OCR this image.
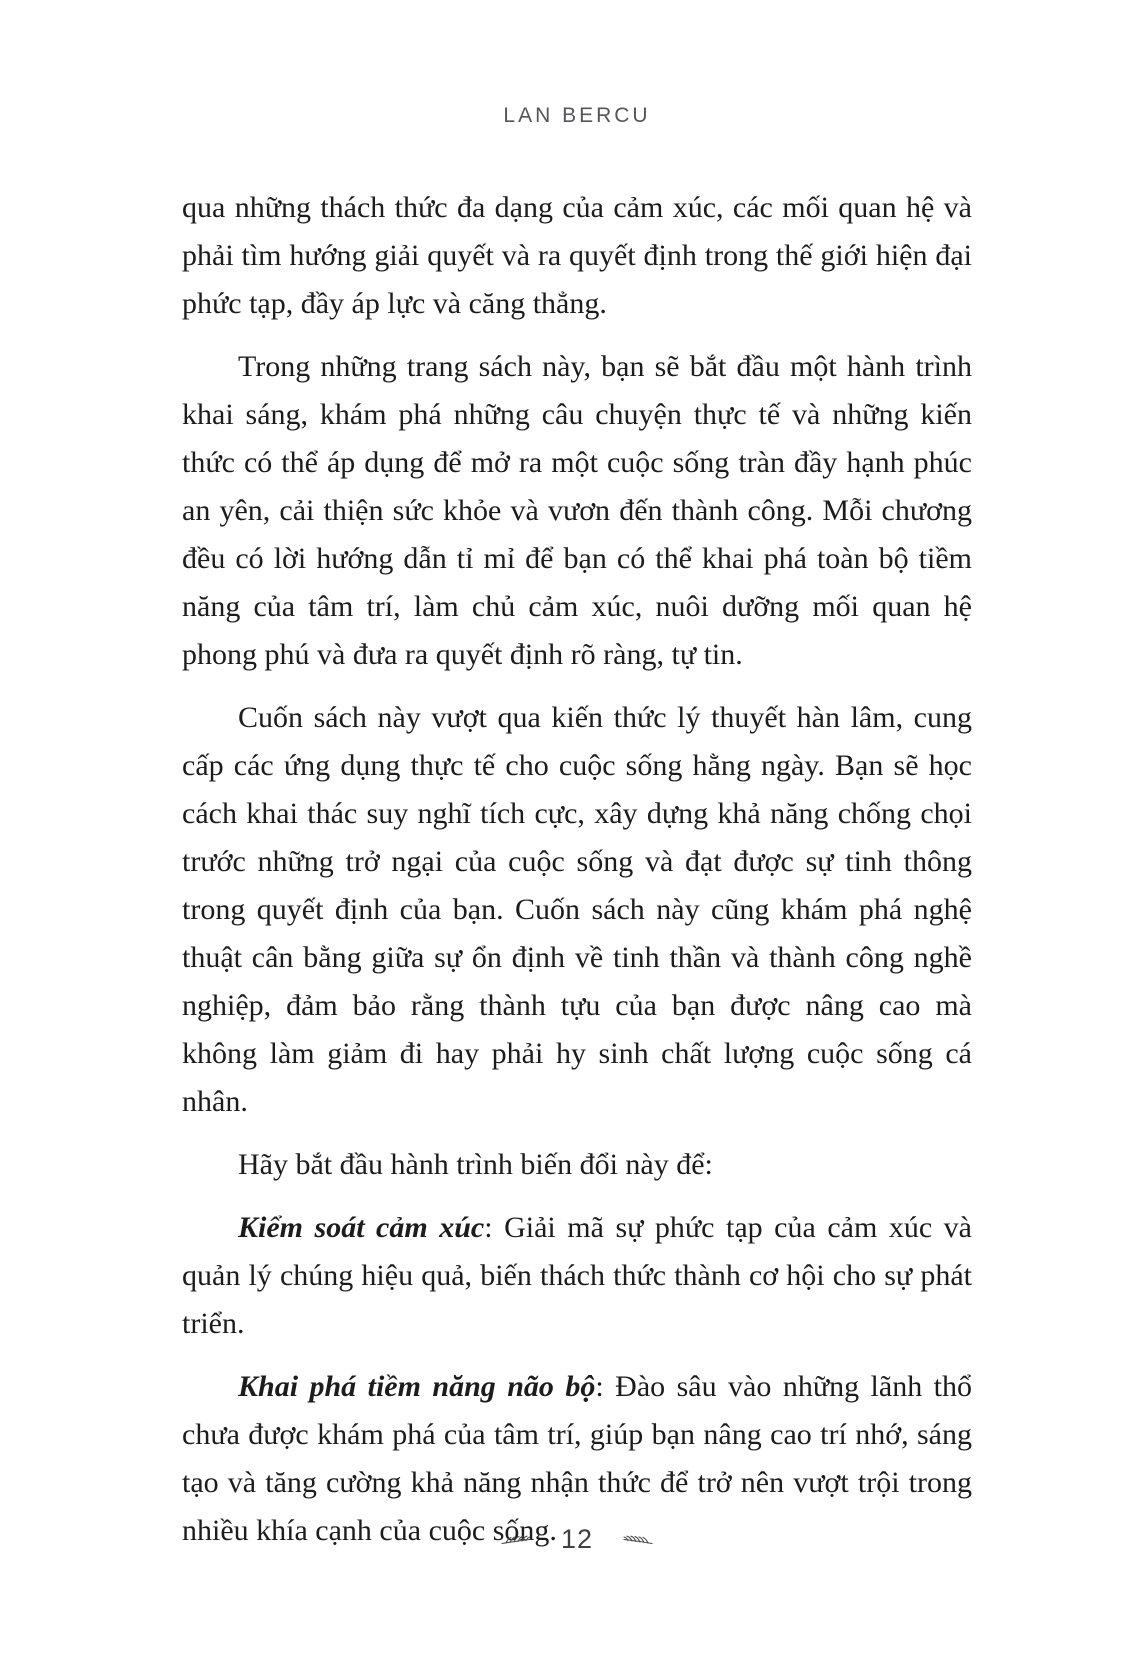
LAN BERCU

qua những thách thức đa dạng của cảm xúc, các mối quan hệ và phải tìm hướng giải quyết và ra quyết định trong thế giới hiện đại phức tạp, đầy áp lực và căng thẳng.

Trong những trang sách này, bạn sẽ bắt đầu một hành trình khai sáng, khám phá những câu chuyện thực tế và những kiến thức có thể áp dụng để mở ra một cuộc sống tràn đầy hạnh phúc an yên, cải thiện sức khỏe và vươn đến thành công. Mỗi chương đều có lời hướng dẫn tỉ mỉ để bạn có thể khai phá toàn bộ tiềm năng của tâm trí, làm chủ cảm xúc, nuôi dưỡng mối quan hệ phong phú và đưa ra quyết định rõ ràng, tự tin.

Cuốn sách này vượt qua kiến thức lý thuyết hàn lâm, cung cấp các ứng dụng thực tế cho cuộc sống hằng ngày. Bạn sẽ học cách khai thác suy nghĩ tích cực, xây dựng khả năng chống chọi trước những trở ngại của cuộc sống và đạt được sự tinh thông trong quyết định của bạn. Cuốn sách này cũng khám phá nghệ thuật cân bằng giữa sự ổn định về tinh thần và thành công nghề nghiệp, đảm bảo rằng thành tựu của bạn được nâng cao mà không làm giảm đi hay phải hy sinh chất lượng cuộc sống cá nhân.

Hãy bắt đầu hành trình biến đổi này để:

Kiểm soát cảm xúc: Giải mã sự phức tạp của cảm xúc và quản lý chúng hiệu quả, biến thách thức thành cơ hội cho sự phát triển.

Khai phá tiềm năng não bộ: Đào sâu vào những lãnh thổ chưa được khám phá của tâm trí, giúp bạn nâng cao trí nhớ, sáng tạo và tăng cường khả năng nhận thức để trở nên vượt trội trong nhiều khía cạnh của cuộc sống. 12
